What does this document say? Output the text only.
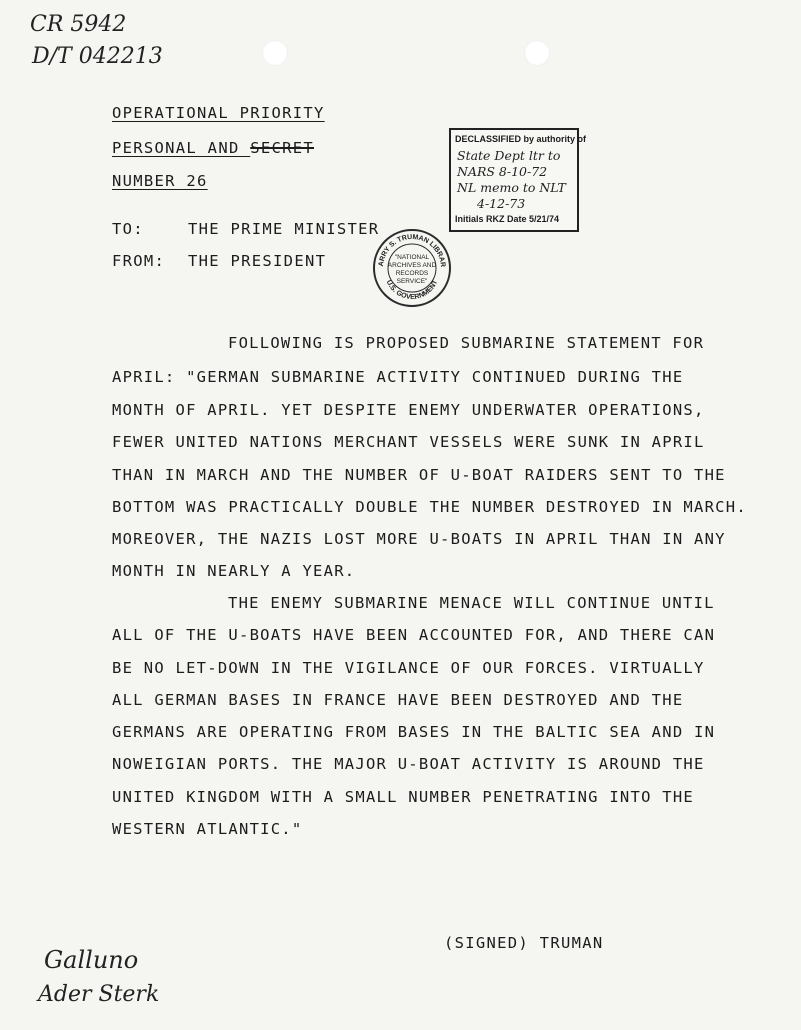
CR 5942
D/T 042213
OPERATIONAL PRIORITY
PERSONAL AND SECRET
NUMBER 26
TO:	THE PRIME MINISTER
FROM: THE PRESIDENT
DECLASSIFIED by authority of
State Dept ltr to
NARS 8-10-72
NL memo to NLT
4-12-73
Initials RKZ Date 5/21/74
ARRY S. TRUMAN LIBRAR
U.S. GOVERNMENT
"NATIONAL
ARCHIVES AND
RECORDS
SERVICE"
FOLLOWING IS PROPOSED SUBMARINE STATEMENT FOR
APRIL: "GERMAN SUBMARINE ACTIVITY CONTINUED DURING THE
MONTH OF APRIL. YET DESPITE ENEMY UNDERWATER OPERATIONS,
FEWER UNITED NATIONS MERCHANT VESSELS WERE SUNK IN APRIL
THAN IN MARCH AND THE NUMBER OF U-BOAT RAIDERS SENT TO THE
BOTTOM WAS PRACTICALLY DOUBLE THE NUMBER DESTROYED IN MARCH.
MOREOVER, THE NAZIS LOST MORE U-BOATS IN APRIL THAN IN ANY
MONTH IN NEARLY A YEAR.
THE ENEMY SUBMARINE MENACE WILL CONTINUE UNTIL
ALL OF THE U-BOATS HAVE BEEN ACCOUNTED FOR, AND THERE CAN
BE NO LET-DOWN IN THE VIGILANCE OF OUR FORCES. VIRTUALLY
ALL GERMAN BASES IN FRANCE HAVE BEEN DESTROYED AND THE
GERMANS ARE OPERATING FROM BASES IN THE BALTIC SEA AND IN
NOWEIGIAN PORTS. THE MAJOR U-BOAT ACTIVITY IS AROUND THE
UNITED KINGDOM WITH A SMALL NUMBER PENETRATING INTO THE
WESTERN ATLANTIC."
(SIGNED) TRUMAN
Galluno
Ader Sterk
